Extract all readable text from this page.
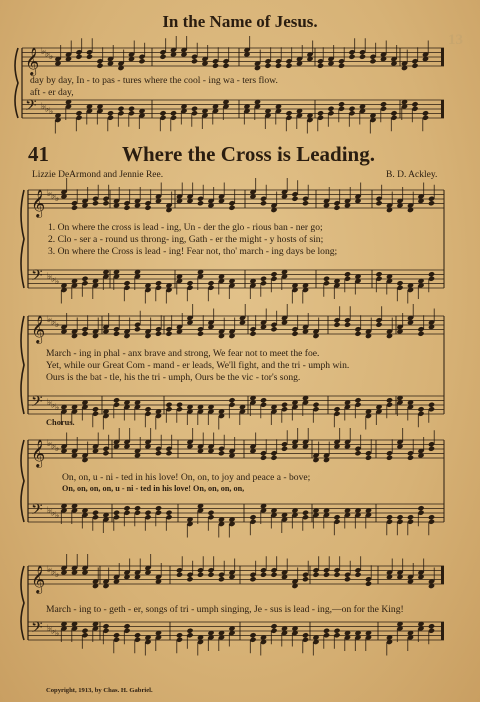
𝄞
𝄢
♭
♭
♭
♭
♭
♭
𝄞
𝄢
♭
♭
♭
♭
♭
♭
𝄞
𝄢
♭
♭
♭
♭
♭
♭
𝄞
𝄢
♭
♭
♭
♭
♭
♭
𝄞
𝄢
♭
♭
♭
♭
♭
♭
In the Name of Jesus.
13
day by day, In - to pas - tures where the cool - ing wa - ters flow.
aft - er day,
41	Where the Cross is Leading.
Lizzie DeArmond and Jennie Ree.	B. D. Ackley.
1. On where the cross is lead - ing, Un - der the glo - rious ban - ner go;
2. Clo - ser a - round us throng- ing, Gath - er the might - y hosts of sin;
3. On where the Cross is lead - ing! Fear not, tho' march - ing days be long;
March - ing in phal - anx brave and strong, We fear not to meet the foe.
Yet, while our Great Com - mand - er leads, We'll fight, and the tri - umph win.
Ours is the bat - tle, his the tri - umph, Ours be the vic - tor's song.
Chorus.
On, on, u - ni - ted in his love! On, on, to joy and peace a - bove;
On, on, on, on, u - ni - ted in his love! On, on, on, on,
March - ing to - geth - er, songs of tri - umph singing, Je - sus is lead - ing,—on for the King!
Copyright, 1913, by Chas. H. Gabriel.
